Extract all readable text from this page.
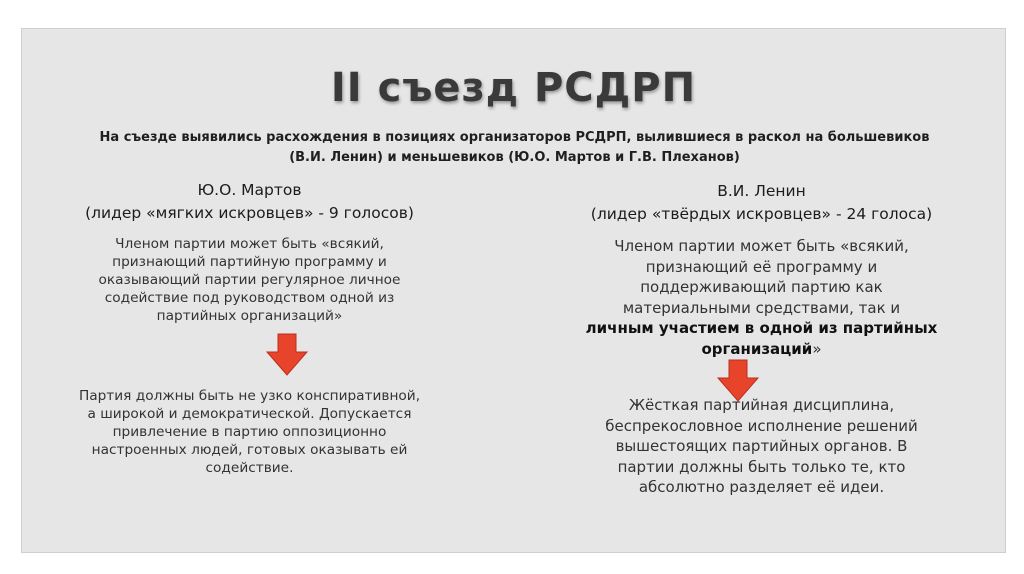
II съезд РСДРП
На съезде выявились расхождения в позициях организаторов РСДРП, вылившиеся в раскол на большевиков
(В.И. Ленин) и меньшевиков (Ю.О. Мартов и Г.В. Плеханов)
Ю.О. Мартов
(лидер «мягких искровцев» - 9 голосов)
Членом партии может быть «всякий,
признающий партийную программу и
оказывающий партии регулярное личное
содействие под руководством одной из
партийных организаций»
Партия должны быть не узко конспиративной,
а широкой и демократической. Допускается
привлечение в партию оппозиционно
настроенных людей, готовых оказывать ей
содействие.
В.И. Ленин
(лидер «твёрдых искровцев» - 24 голоса)
Членом партии может быть «всякий,
признающий её программу и
поддерживающий партию как
материальными средствами, так и
личным участием в одной из партийных
организаций»
Жёсткая партийная дисциплина,
беспрекословное исполнение решений
вышестоящих партийных органов. В
партии должны быть только те, кто
абсолютно разделяет её идеи.
